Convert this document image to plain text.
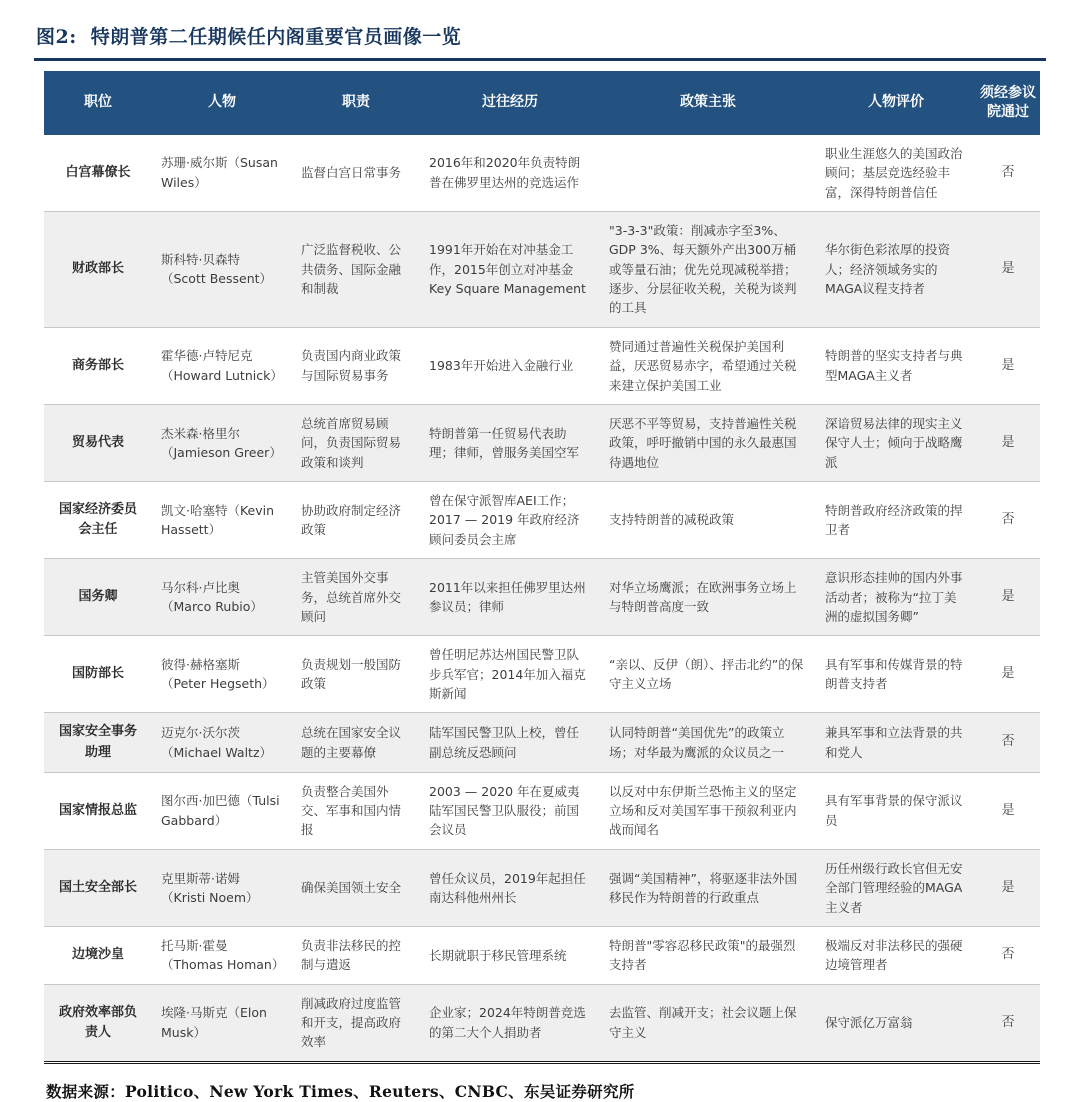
图2: 特朗普第二任期候任内阁重要官员画像一览
职位	人物	职责	过往经历	政策主张	人物评价	须经参议院通过
白宫幕僚长	苏珊·威尔斯（Susan Wiles）	监督白宫日常事务	2016年和2020年负责特朗普在佛罗里达州的竞选运作		职业生涯悠久的美国政治顾问；基层竞选经验丰富，深得特朗普信任	否
财政部长	斯科特·贝森特（Scott Bessent）	广泛监督税收、公共债务、国际金融和制裁	1991年开始在对冲基金工作，2015年创立对冲基金Key Square Management	"3-3-3"政策：削减赤字至3%、GDP 3%、每天额外产出300万桶或等量石油；优先兑现减税举措；逐步、分层征收关税，关税为谈判的工具	华尔街色彩浓厚的投资人；经济领域务实的MAGA议程支持者	是
商务部长	霍华德·卢特尼克（Howard Lutnick）	负责国内商业政策与国际贸易事务	1983年开始进入金融行业	赞同通过普遍性关税保护美国利益，厌恶贸易赤字，希望通过关税来建立保护美国工业	特朗普的坚实支持者与典型MAGA主义者	是
贸易代表	杰米森·格里尔（Jamieson Greer）	总统首席贸易顾问，负责国际贸易政策和谈判	特朗普第一任贸易代表助理；律师，曾服务美国空军	厌恶不平等贸易，支持普遍性关税政策，呼吁撤销中国的永久最惠国待遇地位	深谙贸易法律的现实主义保守人士；倾向于战略鹰派	是
国家经济委员会主任	凯文·哈塞特（Kevin Hassett）	协助政府制定经济政策	曾在保守派智库AEI工作；2017 — 2019 年政府经济顾问委员会主席	支持特朗普的减税政策	特朗普政府经济政策的捍卫者	否
国务卿	马尔科·卢比奥（Marco Rubio）	主管美国外交事务，总统首席外交顾问	2011年以来担任佛罗里达州参议员；律师	对华立场鹰派；在欧洲事务立场上与特朗普高度一致	意识形态挂帅的国内外事活动者；被称为“拉丁美洲的虚拟国务卿”	是
国防部长	彼得·赫格塞斯（Peter Hegseth）	负责规划一般国防政策	曾任明尼苏达州国民警卫队步兵军官；2014年加入福克斯新闻	“亲以、反伊（朗）、抨击北约”的保守主义立场	具有军事和传媒背景的特朗普支持者	是
国家安全事务助理	迈克尔·沃尔茨（Michael Waltz）	总统在国家安全议题的主要幕僚	陆军国民警卫队上校，曾任副总统反恐顾问	认同特朗普“美国优先”的政策立场；对华最为鹰派的众议员之一	兼具军事和立法背景的共和党人	否
国家情报总监	图尔西·加巴德（Tulsi Gabbard）	负责整合美国外交、军事和国内情报	2003 — 2020 年在夏威夷陆军国民警卫队服役；前国会议员	以反对中东伊斯兰恐怖主义的坚定立场和反对美国军事干预叙利亚内战而闻名	具有军事背景的保守派议员	是
国土安全部长	克里斯蒂·诺姆（Kristi Noem）	确保美国领土安全	曾任众议员，2019年起担任南达科他州州长	强调“美国精神”，将驱逐非法外国移民作为特朗普的行政重点	历任州级行政长官但无安全部门管理经验的MAGA主义者	是
边境沙皇	托马斯·霍曼（Thomas Homan）	负责非法移民的控制与遣返	长期就职于移民管理系统	特朗普"零容忍移民政策"的最强烈支持者	极端反对非法移民的强硬边境管理者	否
政府效率部负责人	埃隆·马斯克（Elon Musk）	削减政府过度监管和开支，提高政府效率	企业家；2024年特朗普竞选的第二大个人捐助者	去监管、削减开支；社会议题上保守主义	保守派亿万富翁	否
数据来源：Politico、New York Times、Reuters、CNBC、东吴证券研究所
